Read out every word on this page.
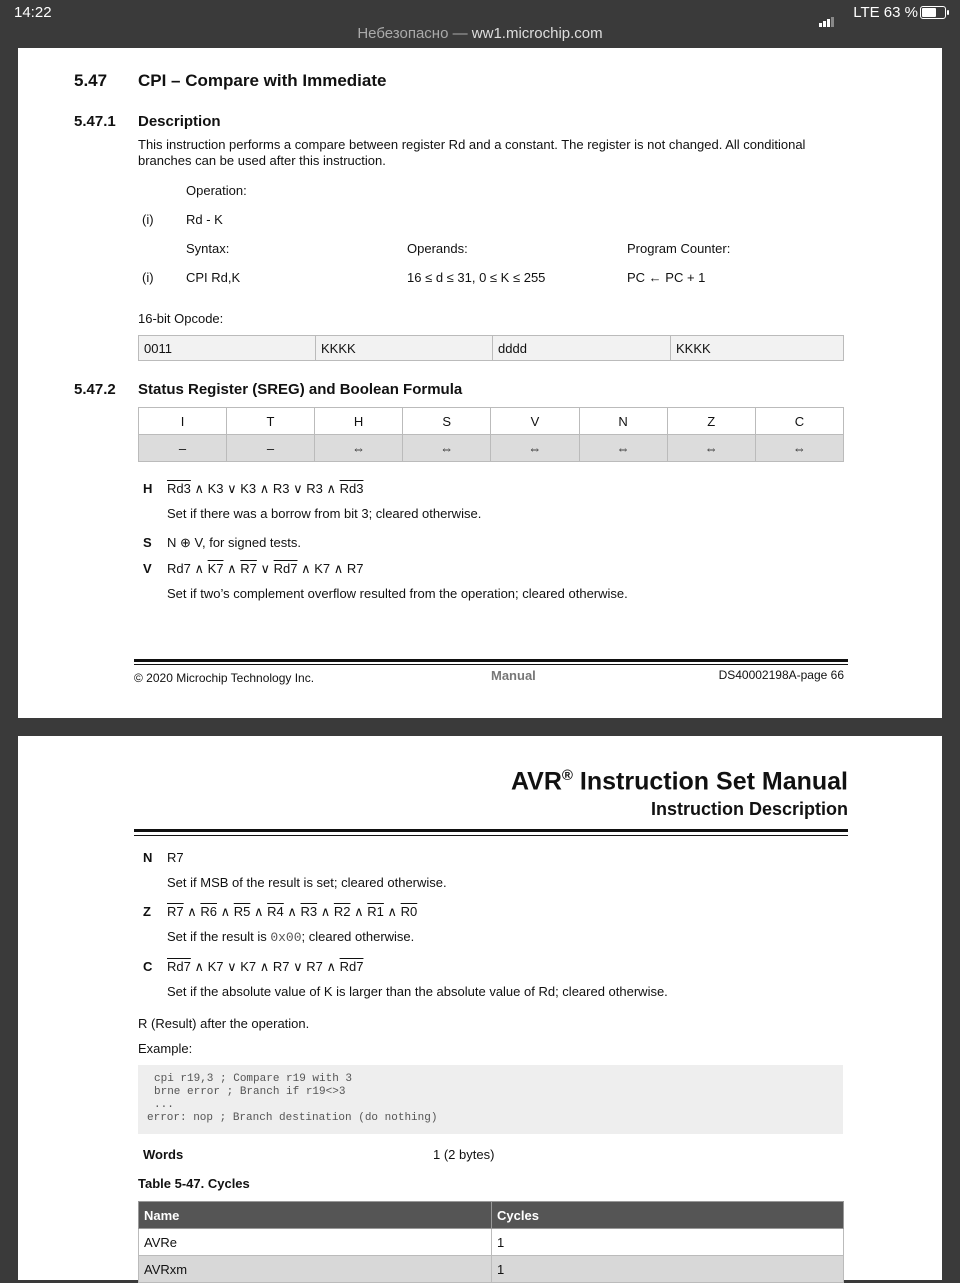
14:22	LTE 63 %
Небезопасно — ww1.microchip.com
5.47 CPI – Compare with Immediate
5.47.1 Description
This instruction performs a compare between register Rd and a constant. The register is not changed. All conditional
branches can be used after this instruction.
Operation:
(i) Rd - K
Syntax:	Operands:	Program Counter:
(i) CPI Rd,K	16 ≤ d ≤ 31, 0 ≤ K ≤ 255	PC ← PC + 1
16-bit Opcode:
0011	KKKK	dddd	KKKK
5.47.2 Status Register (SREG) and Boolean Formula
I	T	H	S	V	N	Z	C
–	–	⇔	⇔	⇔	⇔	⇔	⇔
H Rd3 ∧ K3 ∨ K3 ∧ R3 ∨ R3 ∧ Rd3
Set if there was a borrow from bit 3; cleared otherwise.
S N ⊕ V, for signed tests.
V Rd7 ∧ K7 ∧ R7 ∨ Rd7 ∧ K7 ∧ R7
Set if two’s complement overflow resulted from the operation; cleared otherwise.
© 2020 Microchip Technology Inc.	Manual	DS40002198A-page 66
AVR® Instruction Set Manual
Instruction Description
N R7
Set if MSB of the result is set; cleared otherwise.
Z R7 ∧ R6 ∧ R5 ∧ R4 ∧ R3 ∧ R2 ∧ R1 ∧ R0
Set if the result is 0x00; cleared otherwise.
C Rd7 ∧ K7 ∨ K7 ∧ R7 ∨ R7 ∧ Rd7
Set if the absolute value of K is larger than the absolute value of Rd; cleared otherwise.
R (Result) after the operation.
Example:
cpi r19,3 ; Compare r19 with 3
brne error ; Branch if r19<>3
...
error: nop ; Branch destination (do nothing)
Words	1 (2 bytes)
Table 5-47. Cycles
Name	Cycles
AVRe	1
AVRxm	1
